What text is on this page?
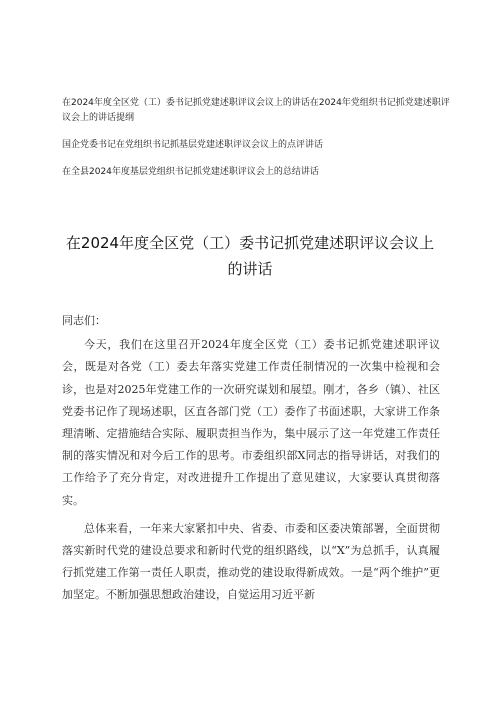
在2024年度全区党（工）委书记抓党建述职评议会议上的讲话在2024年党组织书记抓党建述职评议会上的讲话提纲

国企党委书记在党组织书记抓基层党建述职评议会议上的点评讲话

在全县2024年度基层党组织书记抓党建述职评议会上的总结讲话

在2024年度全区党（工）委书记抓党建述职评议会议上
的讲话

同志们：

今天，我们在这里召开2024年度全区党（工）委书记抓党建述职评议会，既是对各党（工）委去年落实党建工作责任制情况的一次集中检视和会诊，也是对2025年党建工作的一次研究谋划和展望。刚才，各乡（镇）、社区党委书记作了现场述职，区直各部门党（工）委作了书面述职，大家讲工作条理清晰、定措施结合实际、履职责担当作为，集中展示了这一年党建工作责任制的落实情况和对今后工作的思考。市委组织部X同志的指导讲话，对我们的工作给予了充分肯定，对改进提升工作提出了意见建议，大家要认真贯彻落实。

总体来看，一年来大家紧扣中央、省委、市委和区委决策部署，全面贯彻落实新时代党的建设总要求和新时代党的组织路线，以“X”为总抓手，认真履行抓党建工作第一责任人职责，推动党的建设取得新成效。一是“两个维护”更加坚定。不断加强思想政治建设，自觉运用习近平新
